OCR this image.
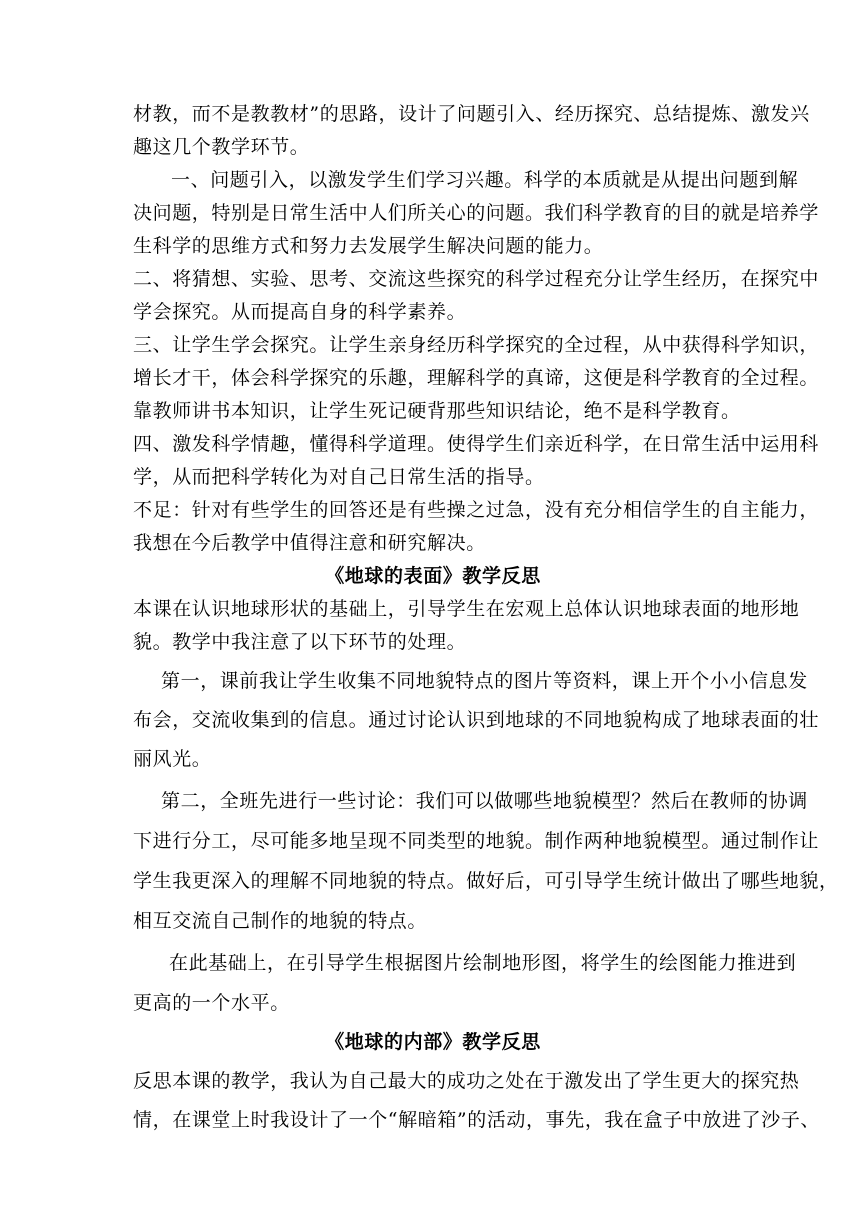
材教，而不是教教材”的思路，设计了问题引入、经历探究、总结提炼、激发兴
趣这几个教学环节。
一、问题引入，以激发学生们学习兴趣。科学的本质就是从提出问题到解
决问题，特别是日常生活中人们所关心的问题。我们科学教育的目的就是培养学
生科学的思维方式和努力去发展学生解决问题的能力。
二、将猜想、实验、思考、交流这些探究的科学过程充分让学生经历，在探究中
学会探究。从而提高自身的科学素养。
三、让学生学会探究。让学生亲身经历科学探究的全过程，从中获得科学知识，
增长才干，体会科学探究的乐趣，理解科学的真谛，这便是科学教育的全过程。
靠教师讲书本知识，让学生死记硬背那些知识结论，绝不是科学教育。
四、激发科学情趣，懂得科学道理。使得学生们亲近科学，在日常生活中运用科
学，从而把科学转化为对自己日常生活的指导。
不足：针对有些学生的回答还是有些操之过急，没有充分相信学生的自主能力，
我想在今后教学中值得注意和研究解决。
《地球的表面》教学反思
本课在认识地球形状的基础上，引导学生在宏观上总体认识地球表面的地形地
貌。教学中我注意了以下环节的处理。
第一，课前我让学生收集不同地貌特点的图片等资料，课上开个小小信息发
布会，交流收集到的信息。通过讨论认识到地球的不同地貌构成了地球表面的壮
丽风光。
第二，全班先进行一些讨论：我们可以做哪些地貌模型？然后在教师的协调
下进行分工，尽可能多地呈现不同类型的地貌。制作两种地貌模型。通过制作让
学生我更深入的理解不同地貌的特点。做好后，可引导学生统计做出了哪些地貌，
相互交流自己制作的地貌的特点。
在此基础上，在引导学生根据图片绘制地形图，将学生的绘图能力推进到
更高的一个水平。
《地球的内部》教学反思
反思本课的教学，我认为自己最大的成功之处在于激发出了学生更大的探究热
情，在课堂上时我设计了一个“解暗箱”的活动，事先，我在盒子中放进了沙子、
